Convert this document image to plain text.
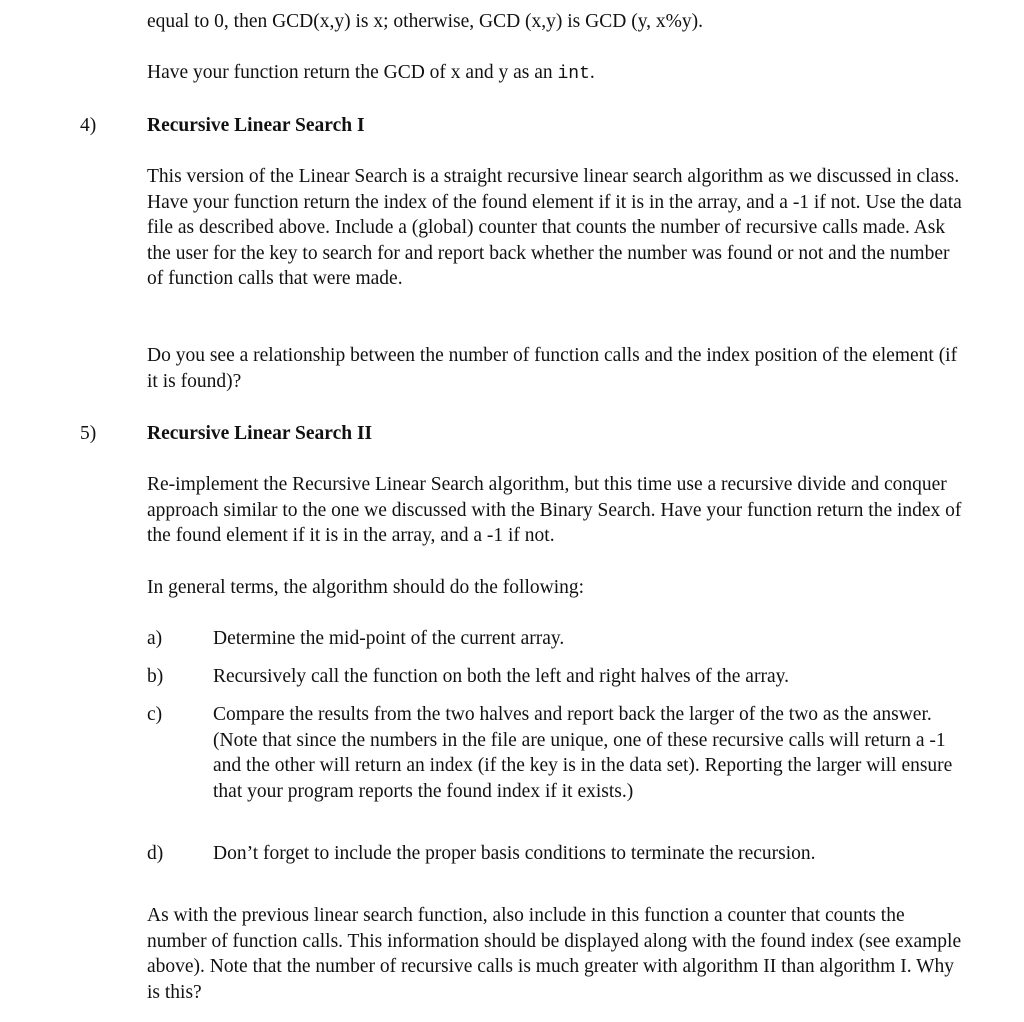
equal to 0, then GCD(x,y) is x; otherwise, GCD (x,y) is GCD (y, x%y).

Have your function return the GCD of x and y as an int.

4)	Recursive Linear Search I

This version of the Linear Search is a straight recursive linear search algorithm as we discussed in class. Have your function return the index of the found element if it is in the array, and a -1 if not. Use the data file as described above. Include a (global) counter that counts the number of recursive calls made. Ask the user for the key to search for and report back whether the number was found or not and the number of function calls that were made.

Do you see a relationship between the number of function calls and the index position of the element (if it is found)?

5)	Recursive Linear Search II

Re-implement the Recursive Linear Search algorithm, but this time use a recursive divide and conquer approach similar to the one we discussed with the Binary Search. Have your function return the index of the found element if it is in the array, and a -1 if not.

In general terms, the algorithm should do the following:

a)	Determine the mid-point of the current array.

b)	Recursively call the function on both the left and right halves of the array.

c)	Compare the results from the two halves and report back the larger of the two as the answer. (Note that since the numbers in the file are unique, one of these recursive calls will return a -1 and the other will return an index (if the key is in the data set). Reporting the larger will ensure that your program reports the found index if it exists.)

d)	Don’t forget to include the proper basis conditions to terminate the recursion.

As with the previous linear search function, also include in this function a counter that counts the number of function calls. This information should be displayed along with the found index (see example above). Note that the number of recursive calls is much greater with algorithm II than algorithm I. Why is this?
